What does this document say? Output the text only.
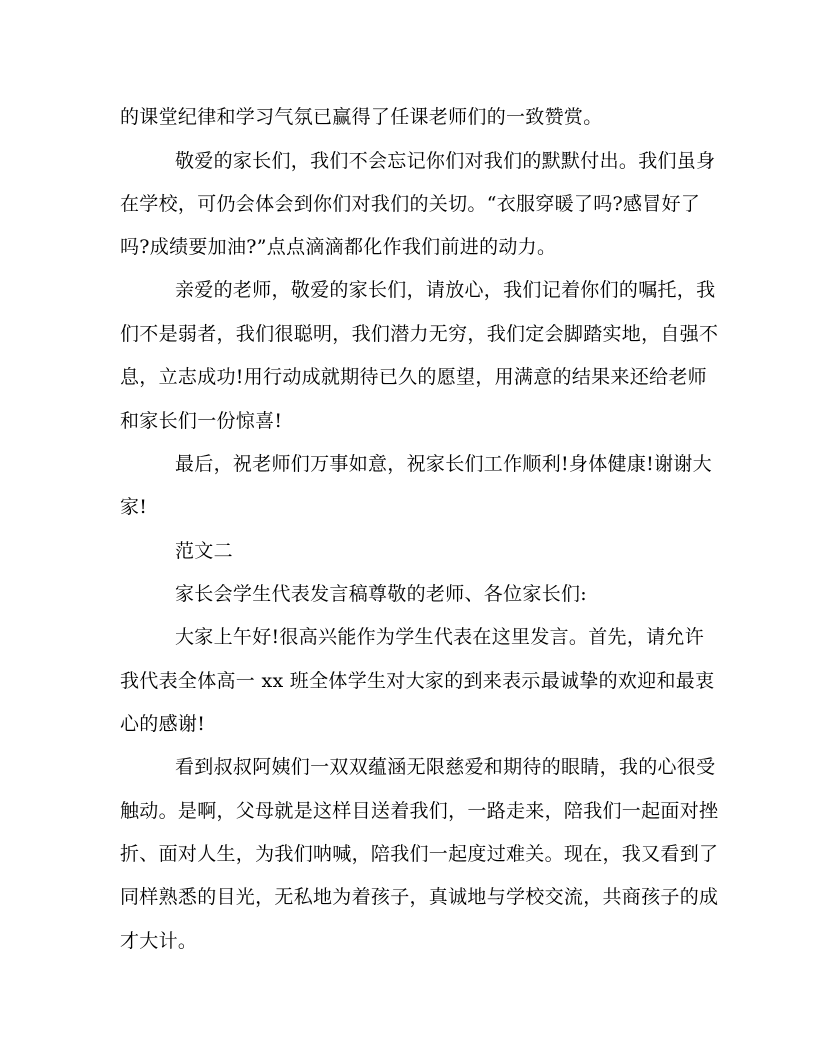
的课堂纪律和学习气氛已赢得了任课老师们的一致赞赏。
敬爱的家长们，我们不会忘记你们对我们的默默付出。我们虽身
在学校，可仍会体会到你们对我们的关切。“衣服穿暖了吗?感冒好了
吗?成绩要加油?”点点滴滴都化作我们前进的动力。
亲爱的老师，敬爱的家长们，请放心，我们记着你们的嘱托，我
们不是弱者，我们很聪明，我们潜力无穷，我们定会脚踏实地，自强不
息，立志成功!用行动成就期待已久的愿望，用满意的结果来还给老师
和家长们一份惊喜!
最后，祝老师们万事如意，祝家长们工作顺利!身体健康!谢谢大
家!
范文二
家长会学生代表发言稿尊敬的老师、各位家长们:
大家上午好!很高兴能作为学生代表在这里发言。首先，请允许
我代表全体高一 xx 班全体学生对大家的到来表示最诚挚的欢迎和最衷
心的感谢!
看到叔叔阿姨们一双双蕴涵无限慈爱和期待的眼睛，我的心很受
触动。是啊，父母就是这样目送着我们，一路走来，陪我们一起面对挫
折、面对人生，为我们呐喊，陪我们一起度过难关。现在，我又看到了
同样熟悉的目光，无私地为着孩子，真诚地与学校交流，共商孩子的成
才大计。
